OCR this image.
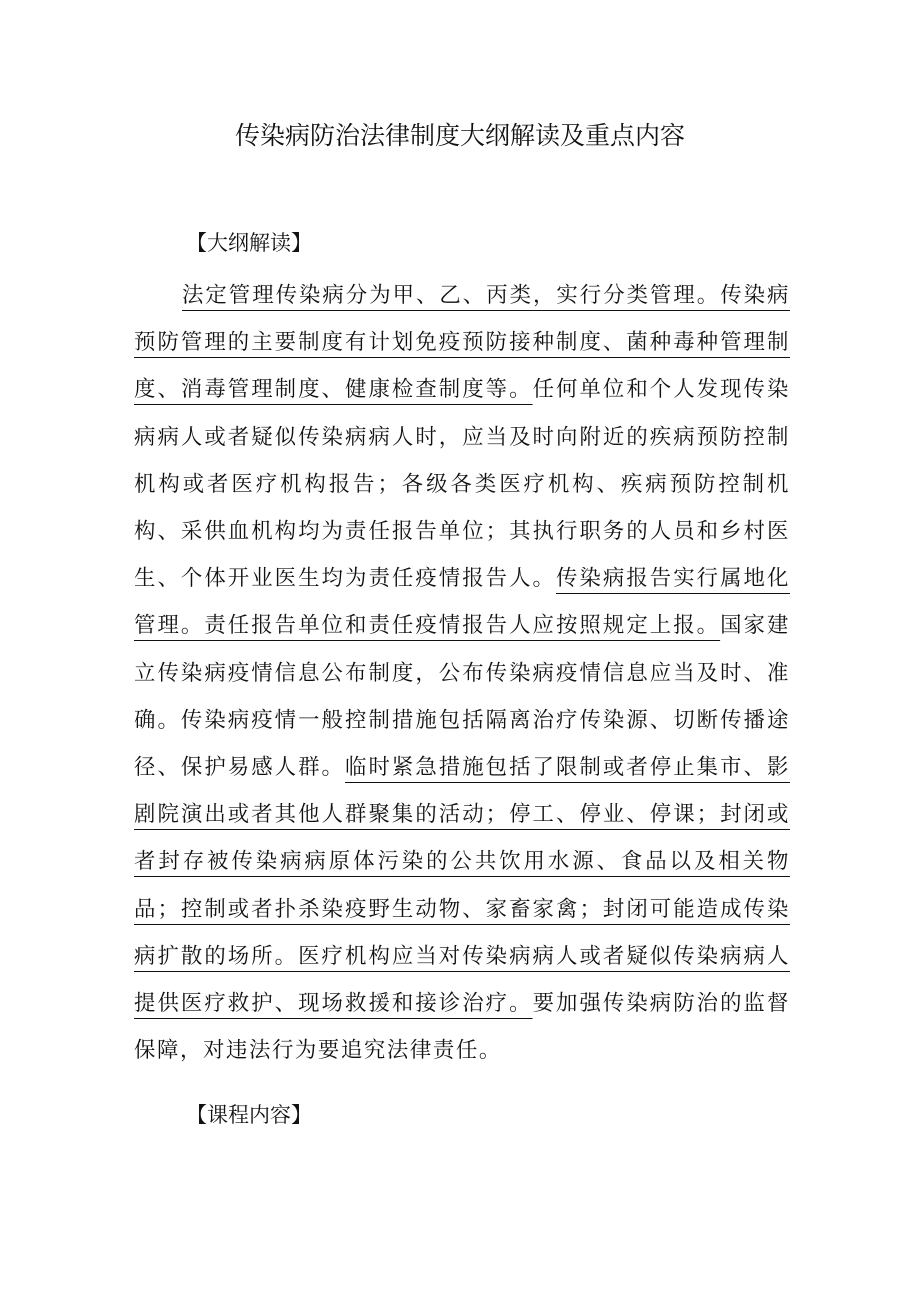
传染病防治法律制度大纲解读及重点内容
【大纲解读】

法定管理传染病分为甲、乙、丙类，实行分类管理。传染病预防管理的主要制度有计划免疫预防接种制度、菌种毒种管理制度、消毒管理制度、健康检查制度等。任何单位和个人发现传染病病人或者疑似传染病病人时，应当及时向附近的疾病预防控制机构或者医疗机构报告；各级各类医疗机构、疾病预防控制机构、采供血机构均为责任报告单位；其执行职务的人员和乡村医生、个体开业医生均为责任疫情报告人。传染病报告实行属地化管理。责任报告单位和责任疫情报告人应按照规定上报。国家建立传染病疫情信息公布制度，公布传染病疫情信息应当及时、准确。传染病疫情一般控制措施包括隔离治疗传染源、切断传播途径、保护易感人群。临时紧急措施包括了限制或者停止集市、影剧院演出或者其他人群聚集的活动；停工、停业、停课；封闭或者封存被传染病病原体污染的公共饮用水源、食品以及相关物品；控制或者扑杀染疫野生动物、家畜家禽；封闭可能造成传染病扩散的场所。医疗机构应当对传染病病人或者疑似传染病病人提供医疗救护、现场救援和接诊治疗。要加强传染病防治的监督保障，对违法行为要追究法律责任。

【课程内容】
